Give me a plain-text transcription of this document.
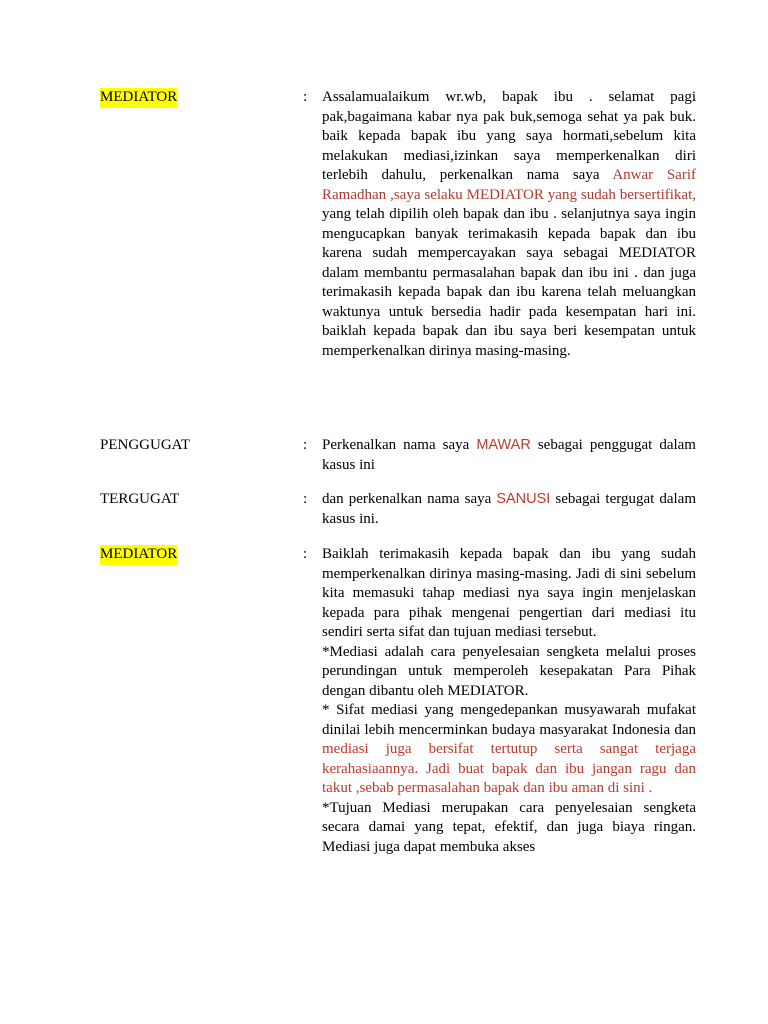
MEDIATOR	: Assalamualaikum wr.wb, bapak ibu . selamat pagi pak,bagaimana kabar nya pak buk,semoga sehat ya pak buk. baik kepada bapak ibu yang saya hormati,sebelum kita melakukan mediasi,izinkan saya memperkenalkan diri terlebih dahulu, perkenalkan nama saya Anwar Sarif Ramadhan ,saya selaku MEDIATOR yang sudah bersertifikat, yang telah dipilih oleh bapak dan ibu . selanjutnya saya ingin mengucapkan banyak terimakasih kepada bapak dan ibu karena sudah mempercayakan saya sebagai MEDIATOR dalam membantu permasalahan bapak dan ibu ini . dan juga terimakasih kepada bapak dan ibu karena telah meluangkan waktunya untuk bersedia hadir pada kesempatan hari ini. baiklah kepada bapak dan ibu saya beri kesempatan untuk memperkenalkan dirinya masing-masing.

PENGGUGAT	: Perkenalkan nama saya MAWAR sebagai penggugat dalam kasus ini

TERGUGAT	: dan perkenalkan nama saya SANUSI sebagai tergugat dalam kasus ini.

MEDIATOR	: Baiklah terimakasih kepada bapak dan ibu yang sudah memperkenalkan dirinya masing-masing. Jadi di sini sebelum kita memasuki tahap mediasi nya saya ingin menjelaskan kepada para pihak mengenai pengertian dari mediasi itu sendiri serta sifat dan tujuan mediasi tersebut.

*Mediasi adalah cara penyelesaian sengketa melalui proses perundingan untuk memperoleh kesepakatan Para Pihak dengan dibantu oleh MEDIATOR.

* Sifat mediasi yang mengedepankan musyawarah mufakat dinilai lebih mencerminkan budaya masyarakat Indonesia dan mediasi juga bersifat tertutup serta sangat terjaga kerahasiaannya. Jadi buat bapak dan ibu jangan ragu dan takut ,sebab permasalahan bapak dan ibu aman di sini .

*Tujuan Mediasi merupakan cara penyelesaian sengketa secara damai yang tepat, efektif, dan juga biaya ringan. Mediasi juga dapat membuka akses
